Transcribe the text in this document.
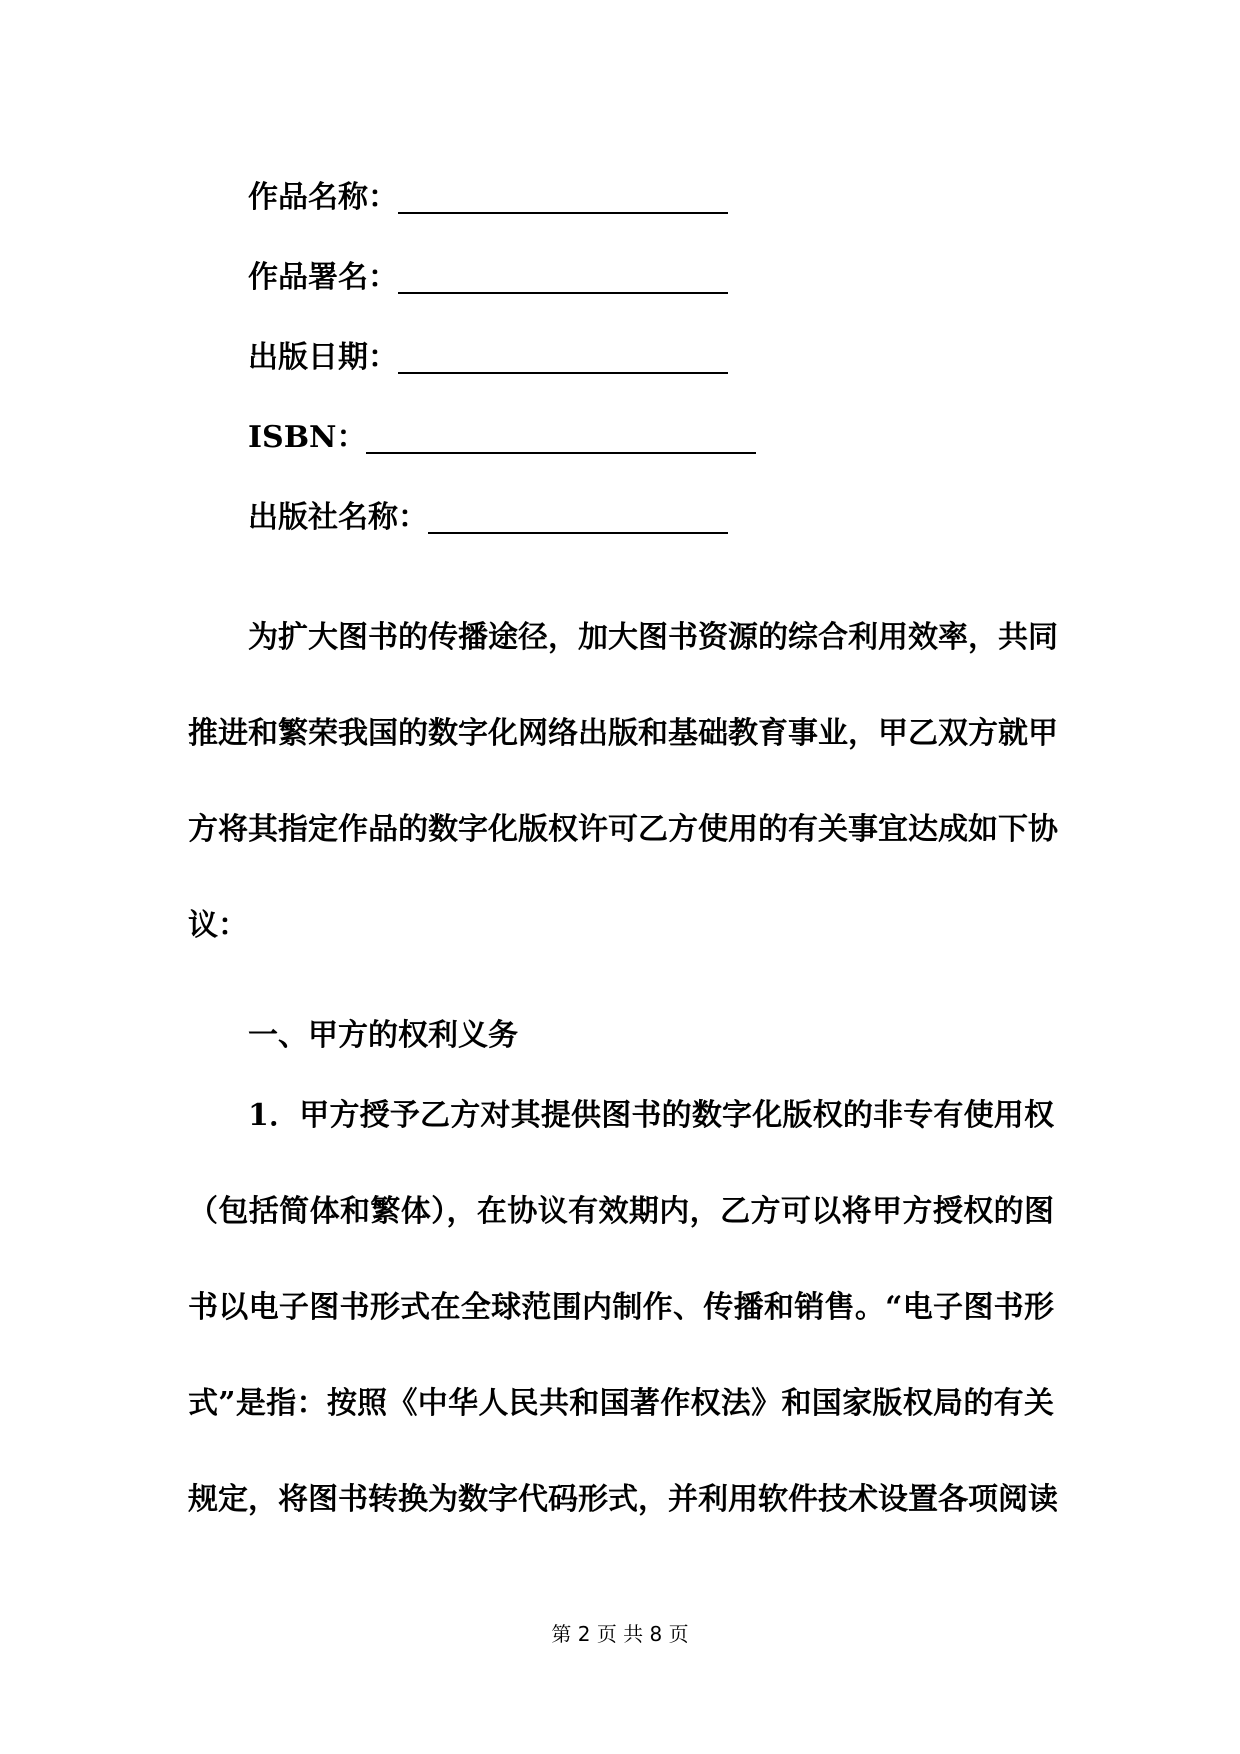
作品名称：
作品署名：
出版日期：
ISBN：
出版社名称：
为扩大图书的传播途径，加大图书资源的综合利用效率，共同
推进和繁荣我国的数字化网络出版和基础教育事业，甲乙双方就甲
方将其指定作品的数字化版权许可乙方使用的有关事宜达成如下协
议：
一、甲方的权利义务
1．甲方授予乙方对其提供图书的数字化版权的非专有使用权
（包括简体和繁体），在协议有效期内，乙方可以将甲方授权的图
书以电子图书形式在全球范围内制作、传播和销售。“电子图书形
式”是指：按照《中华人民共和国著作权法》和国家版权局的有关
规定，将图书转换为数字代码形式，并利用软件技术设置各项阅读
第 2 页 共 8 页
